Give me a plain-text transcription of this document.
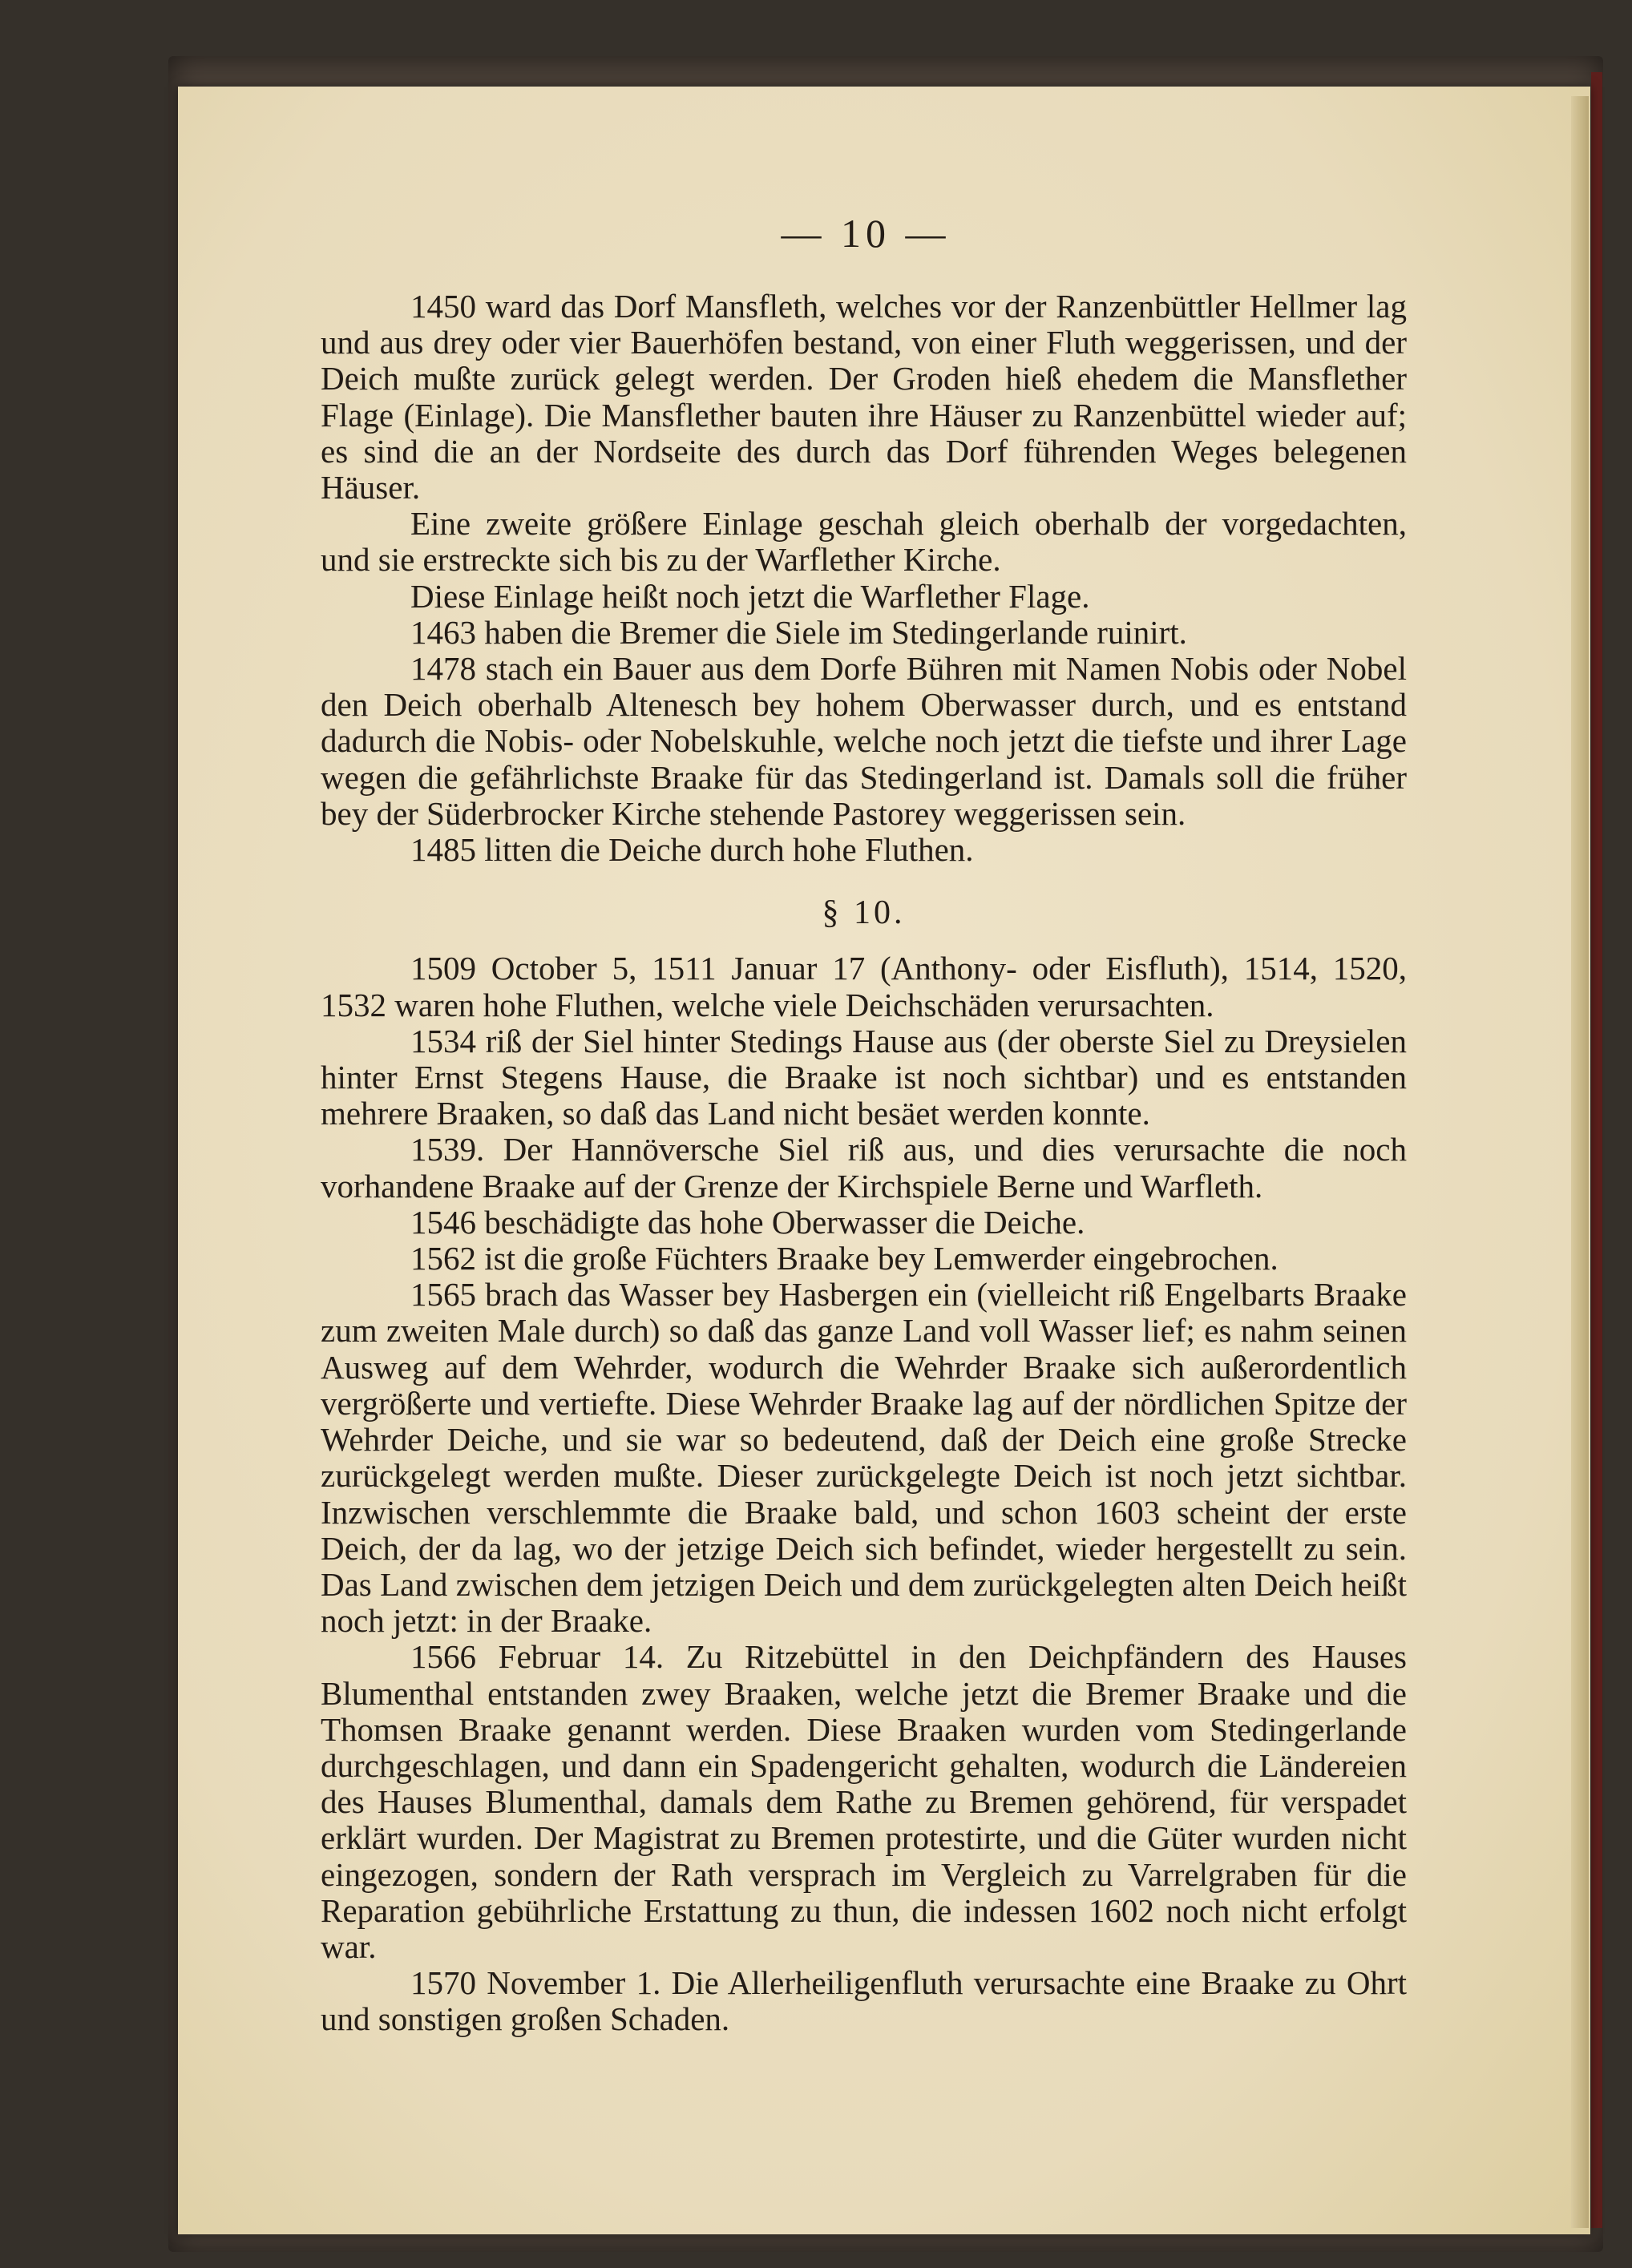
— 10 —

1450 ward das Dorf Mansfleth, welches vor der Ranzenbüttler Hellmer lag und aus drey oder vier Bauerhöfen bestand, von einer Fluth weggerissen, und der Deich mußte zurück gelegt werden. Der Groden hieß ehedem die Mansflether Flage (Einlage). Die Mansflether bauten ihre Häuser zu Ranzenbüttel wieder auf; es sind die an der Nordseite des durch das Dorf führenden Weges belegenen Häuser.

Eine zweite größere Einlage geschah gleich oberhalb der vorgedachten, und sie erstreckte sich bis zu der Warflether Kirche.

Diese Einlage heißt noch jetzt die Warflether Flage.

1463 haben die Bremer die Siele im Stedingerlande ruinirt.

1478 stach ein Bauer aus dem Dorfe Bühren mit Namen Nobis oder Nobel den Deich oberhalb Altenesch bey hohem Oberwasser durch, und es entstand dadurch die Nobis- oder Nobelskuhle, welche noch jetzt die tiefste und ihrer Lage wegen die gefährlichste Braake für das Stedingerland ist. Damals soll die früher bey der Süderbrocker Kirche stehende Pastorey weggerissen sein.

1485 litten die Deiche durch hohe Fluthen.

§ 10.

1509 October 5, 1511 Januar 17 (Anthony- oder Eisfluth), 1514, 1520, 1532 waren hohe Fluthen, welche viele Deichschäden verursachten.

1534 riß der Siel hinter Stedings Hause aus (der oberste Siel zu Dreysielen hinter Ernst Stegens Hause, die Braake ist noch sichtbar) und es entstanden mehrere Braaken, so daß das Land nicht besäet werden konnte.

1539. Der Hannöversche Siel riß aus, und dies verursachte die noch vorhandene Braake auf der Grenze der Kirchspiele Berne und Warfleth.

1546 beschädigte das hohe Oberwasser die Deiche.

1562 ist die große Füchters Braake bey Lemwerder eingebrochen.

1565 brach das Wasser bey Hasbergen ein (vielleicht riß Engelbarts Braake zum zweiten Male durch) so daß das ganze Land voll Wasser lief; es nahm seinen Ausweg auf dem Wehrder, wodurch die Wehrder Braake sich außerordentlich vergrößerte und vertiefte. Diese Wehrder Braake lag auf der nördlichen Spitze der Wehrder Deiche, und sie war so bedeutend, daß der Deich eine große Strecke zurückgelegt werden mußte. Dieser zurückgelegte Deich ist noch jetzt sichtbar. Inzwischen verschlemmte die Braake bald, und schon 1603 scheint der erste Deich, der da lag, wo der jetzige Deich sich befindet, wieder hergestellt zu sein. Das Land zwischen dem jetzigen Deich und dem zurückgelegten alten Deich heißt noch jetzt: in der Braake.

1566 Februar 14. Zu Ritzebüttel in den Deichpfändern des Hauses Blumenthal entstanden zwey Braaken, welche jetzt die Bremer Braake und die Thomsen Braake genannt werden. Diese Braaken wurden vom Stedingerlande durchgeschlagen, und dann ein Spadengericht gehalten, wodurch die Ländereien des Hauses Blumenthal, damals dem Rathe zu Bremen gehörend, für verspadet erklärt wurden. Der Magistrat zu Bremen protestirte, und die Güter wurden nicht eingezogen, sondern der Rath versprach im Vergleich zu Varrelgraben für die Reparation gebührliche Erstattung zu thun, die indessen 1602 noch nicht erfolgt war.

1570 November 1. Die Allerheiligenfluth verursachte eine Braake zu Ohrt und sonstigen großen Schaden.
